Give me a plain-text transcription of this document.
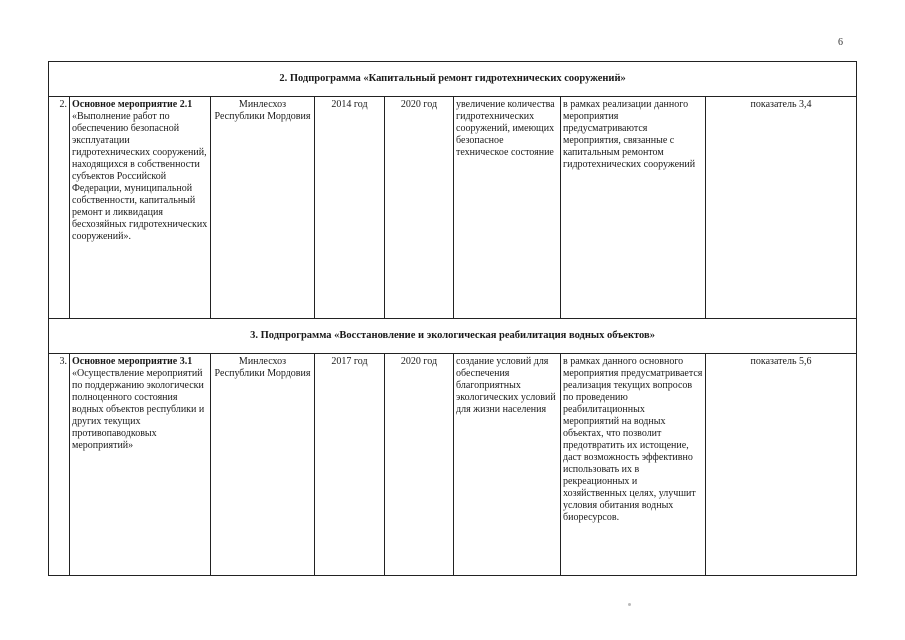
6
2. Подпрограмма «Капитальный ремонт гидротехнических сооружений»							
2.	Основное мероприятие 2.1
«Выполнение работ по обеспечению безопасной эксплуатации гидротехнических сооружений, находящихся в собственности субъектов Российской Федерации, муниципальной собственности, капитальный ремонт и ликвидация бесхозяйных гидротехнических сооружений».	Минлесхоз Республики Мордовия	2014 год	2020 год	увеличение количества гидротехнических сооружений, имеющих безопасное техническое состояние	в рамках реализации данного мероприятия предусматриваются мероприятия, связанные с капитальным ремонтом гидротехнических сооружений	показатель 3,4
3. Подпрограмма «Восстановление и экологическая реабилитация водных объектов»							
3.	Основное мероприятие 3.1
«Осуществление мероприятий по поддержанию экологически полноценного состояния водных объектов республики и других текущих противопаводковых мероприятий»	Минлесхоз Республики Мордовия	2017 год	2020 год	создание условий для обеспечения благоприятных экологических условий для жизни населения	в рамках данного основного мероприятия предусматривается реализация текущих вопросов по проведению реабилитационных мероприятий на водных объектах, что позволит предотвратить их истощение, даст возможность эффективно использовать их в рекреационных и хозяйственных целях, улучшит условия обитания водных биоресурсов.	показатель 5,6
